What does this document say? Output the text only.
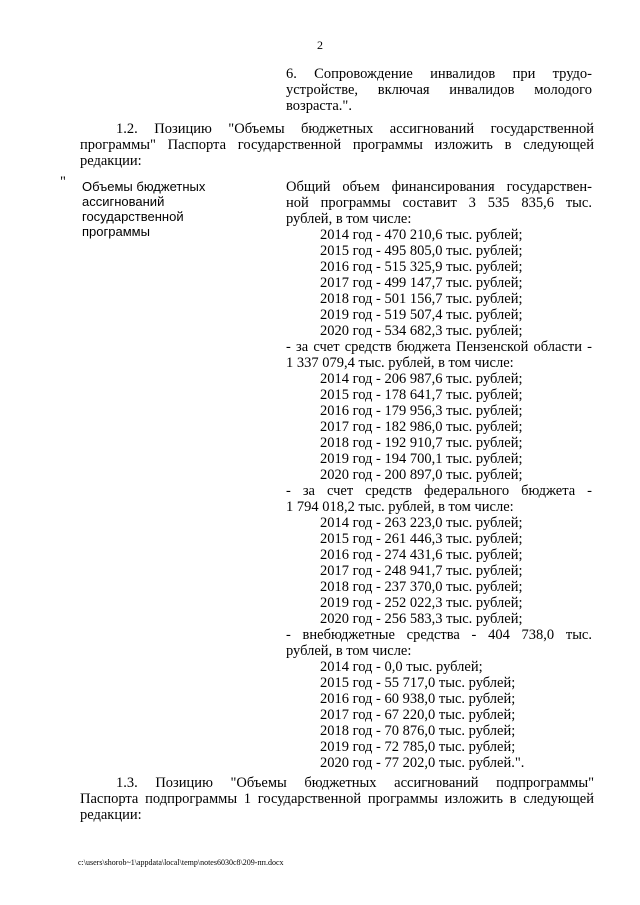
2
6. Сопровождение инвалидов при трудо-
устройстве, включая инвалидов молодого
возраста.".
1.2. Позицию "Объемы бюджетных ассигнований государственной
программы" Паспорта государственной программы изложить в следующей
редакции:
" Объемы бюджетных ассигнований государственной программы
Общий объем финансирования государствен-
ной программы составит 3 535 835,6 тыс.
рублей, в том числе:
2014 год - 470 210,6 тыс. рублей;
2015 год - 495 805,0 тыс. рублей;
2016 год - 515 325,9 тыс. рублей;
2017 год - 499 147,7 тыс. рублей;
2018 год - 501 156,7 тыс. рублей;
2019 год - 519 507,4 тыс. рублей;
2020 год - 534 682,3 тыс. рублей;
- за счет средств бюджета Пензенской области -
1 337 079,4 тыс. рублей, в том числе:
2014 год - 206 987,6 тыс. рублей;
2015 год - 178 641,7 тыс. рублей;
2016 год - 179 956,3 тыс. рублей;
2017 год - 182 986,0 тыс. рублей;
2018 год - 192 910,7 тыс. рублей;
2019 год - 194 700,1 тыс. рублей;
2020 год - 200 897,0 тыс. рублей;
- за счет средств федерального бюджета -
1 794 018,2 тыс. рублей, в том числе:
2014 год - 263 223,0 тыс. рублей;
2015 год - 261 446,3 тыс. рублей;
2016 год - 274 431,6 тыс. рублей;
2017 год - 248 941,7 тыс. рублей;
2018 год - 237 370,0 тыс. рублей;
2019 год - 252 022,3 тыс. рублей;
2020 год - 256 583,3 тыс. рублей;
- внебюджетные средства - 404 738,0 тыс.
рублей, в том числе:
2014 год - 0,0 тыс. рублей;
2015 год - 55 717,0 тыс. рублей;
2016 год - 60 938,0 тыс. рублей;
2017 год - 67 220,0 тыс. рублей;
2018 год - 70 876,0 тыс. рублей;
2019 год - 72 785,0 тыс. рублей;
2020 год - 77 202,0 тыс. рублей.".
1.3. Позицию "Объемы бюджетных ассигнований подпрограммы"
Паспорта подпрограммы 1 государственной программы изложить в следующей
редакции:
c:\users\shorob~1\appdata\local\temp\notes6030c8\209-пп.docx
